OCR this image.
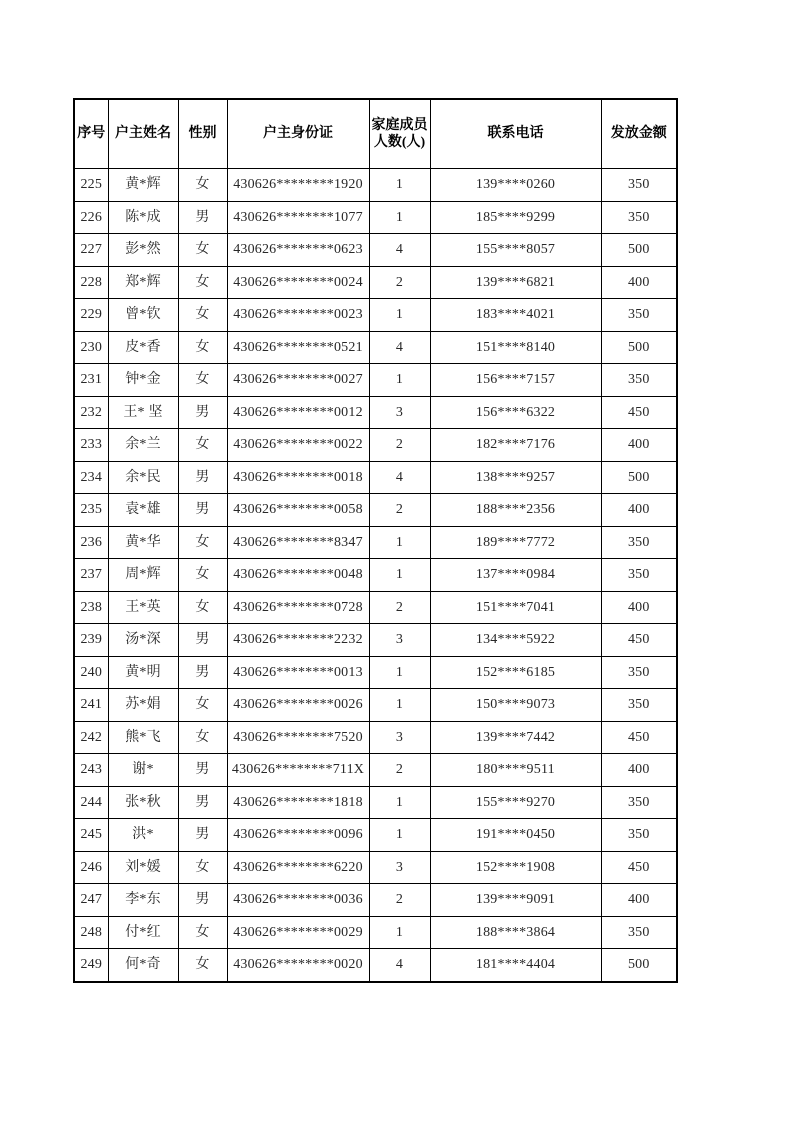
序号	户主姓名	性别	户主身份证	家庭成员人数(人)	联系电话	发放金额
225	黄*辉	女	430626********1920	1	139****0260	350
226	陈*成	男	430626********1077	1	185****9299	350
227	彭*然	女	430626********0623	4	155****8057	500
228	郑*辉	女	430626********0024	2	139****6821	400
229	曾*钦	女	430626********0023	1	183****4021	350
230	皮*香	女	430626********0521	4	151****8140	500
231	钟*金	女	430626********0027	1	156****7157	350
232	王* 坚	男	430626********0012	3	156****6322	450
233	余*兰	女	430626********0022	2	182****7176	400
234	余*民	男	430626********0018	4	138****9257	500
235	袁*雄	男	430626********0058	2	188****2356	400
236	黄*华	女	430626********8347	1	189****7772	350
237	周*辉	女	430626********0048	1	137****0984	350
238	王*英	女	430626********0728	2	151****7041	400
239	汤*深	男	430626********2232	3	134****5922	450
240	黄*明	男	430626********0013	1	152****6185	350
241	苏*娟	女	430626********0026	1	150****9073	350
242	熊*飞	女	430626********7520	3	139****7442	450
243	谢*	男	430626********711X	2	180****9511	400
244	张*秋	男	430626********1818	1	155****9270	350
245	洪*	男	430626********0096	1	191****0450	350
246	刘*媛	女	430626********6220	3	152****1908	450
247	李*东	男	430626********0036	2	139****9091	400
248	付*红	女	430626********0029	1	188****3864	350
249	何*奇	女	430626********0020	4	181****4404	500
